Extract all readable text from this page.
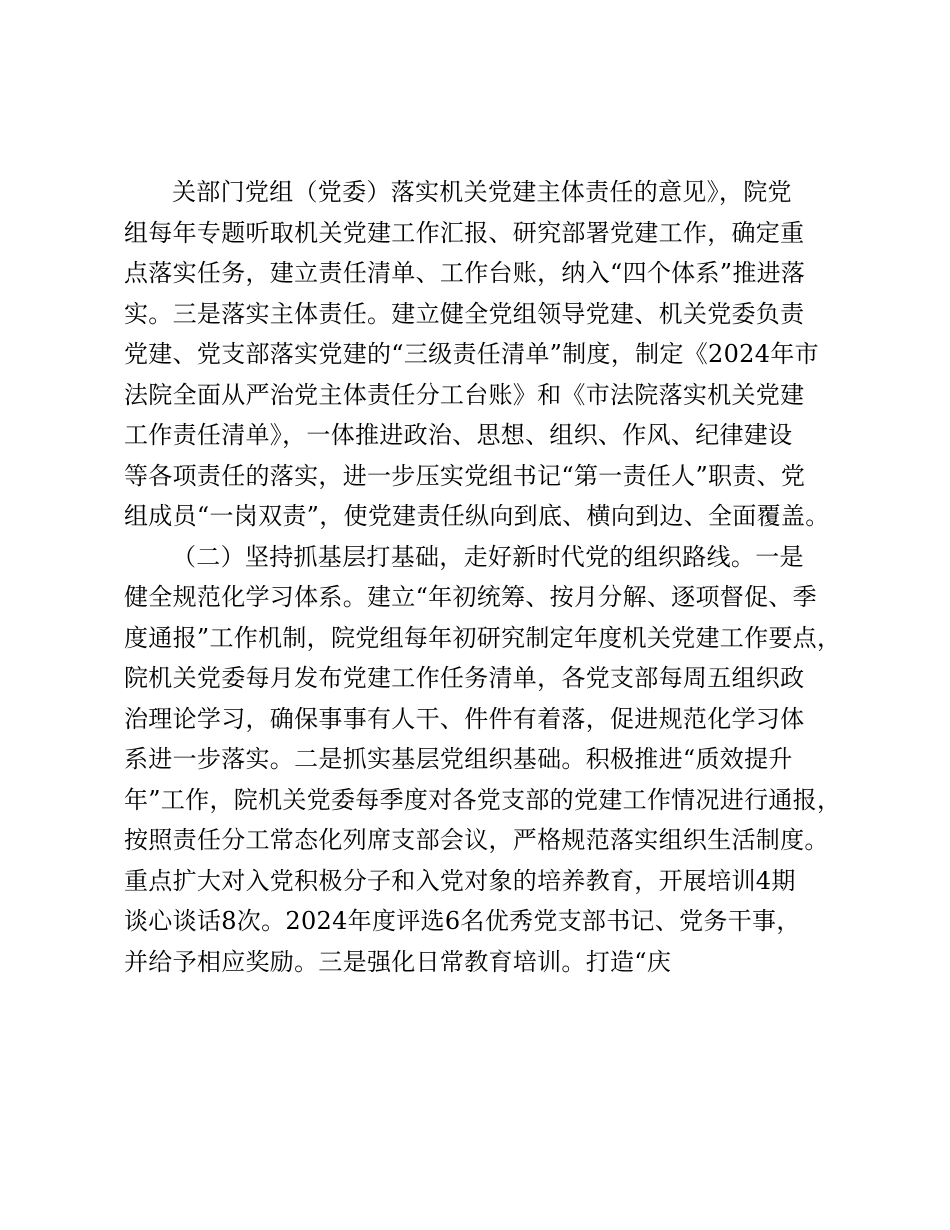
关部门党组（党委）落实机关党建主体责任的意见》，院党
组每年专题听取机关党建工作汇报、研究部署党建工作，确定重
点落实任务，建立责任清单、工作台账，纳入“四个体系”推进落
实。三是落实主体责任。建立健全党组领导党建、机关党委负责
党建、党支部落实党建的“三级责任清单”制度，制定《2024年市
法院全面从严治党主体责任分工台账》和《市法院落实机关党建
工作责任清单》，一体推进政治、思想、组织、作风、纪律建设
等各项责任的落实，进一步压实党组书记“第一责任人”职责、党
组成员“一岗双责”，使党建责任纵向到底、横向到边、全面覆盖。
（二）坚持抓基层打基础，走好新时代党的组织路线。一是
健全规范化学习体系。建立“年初统筹、按月分解、逐项督促、季
度通报”工作机制，院党组每年初研究制定年度机关党建工作要点，
院机关党委每月发布党建工作任务清单，各党支部每周五组织政
治理论学习，确保事事有人干、件件有着落，促进规范化学习体
系进一步落实。二是抓实基层党组织基础。积极推进“质效提升
年”工作，院机关党委每季度对各党支部的党建工作情况进行通报，
按照责任分工常态化列席支部会议，严格规范落实组织生活制度。
重点扩大对入党积极分子和入党对象的培养教育，开展培训4期
谈心谈话8次。2024年度评选6名优秀党支部书记、党务干事，
并给予相应奖励。三是强化日常教育培训。打造“庆
